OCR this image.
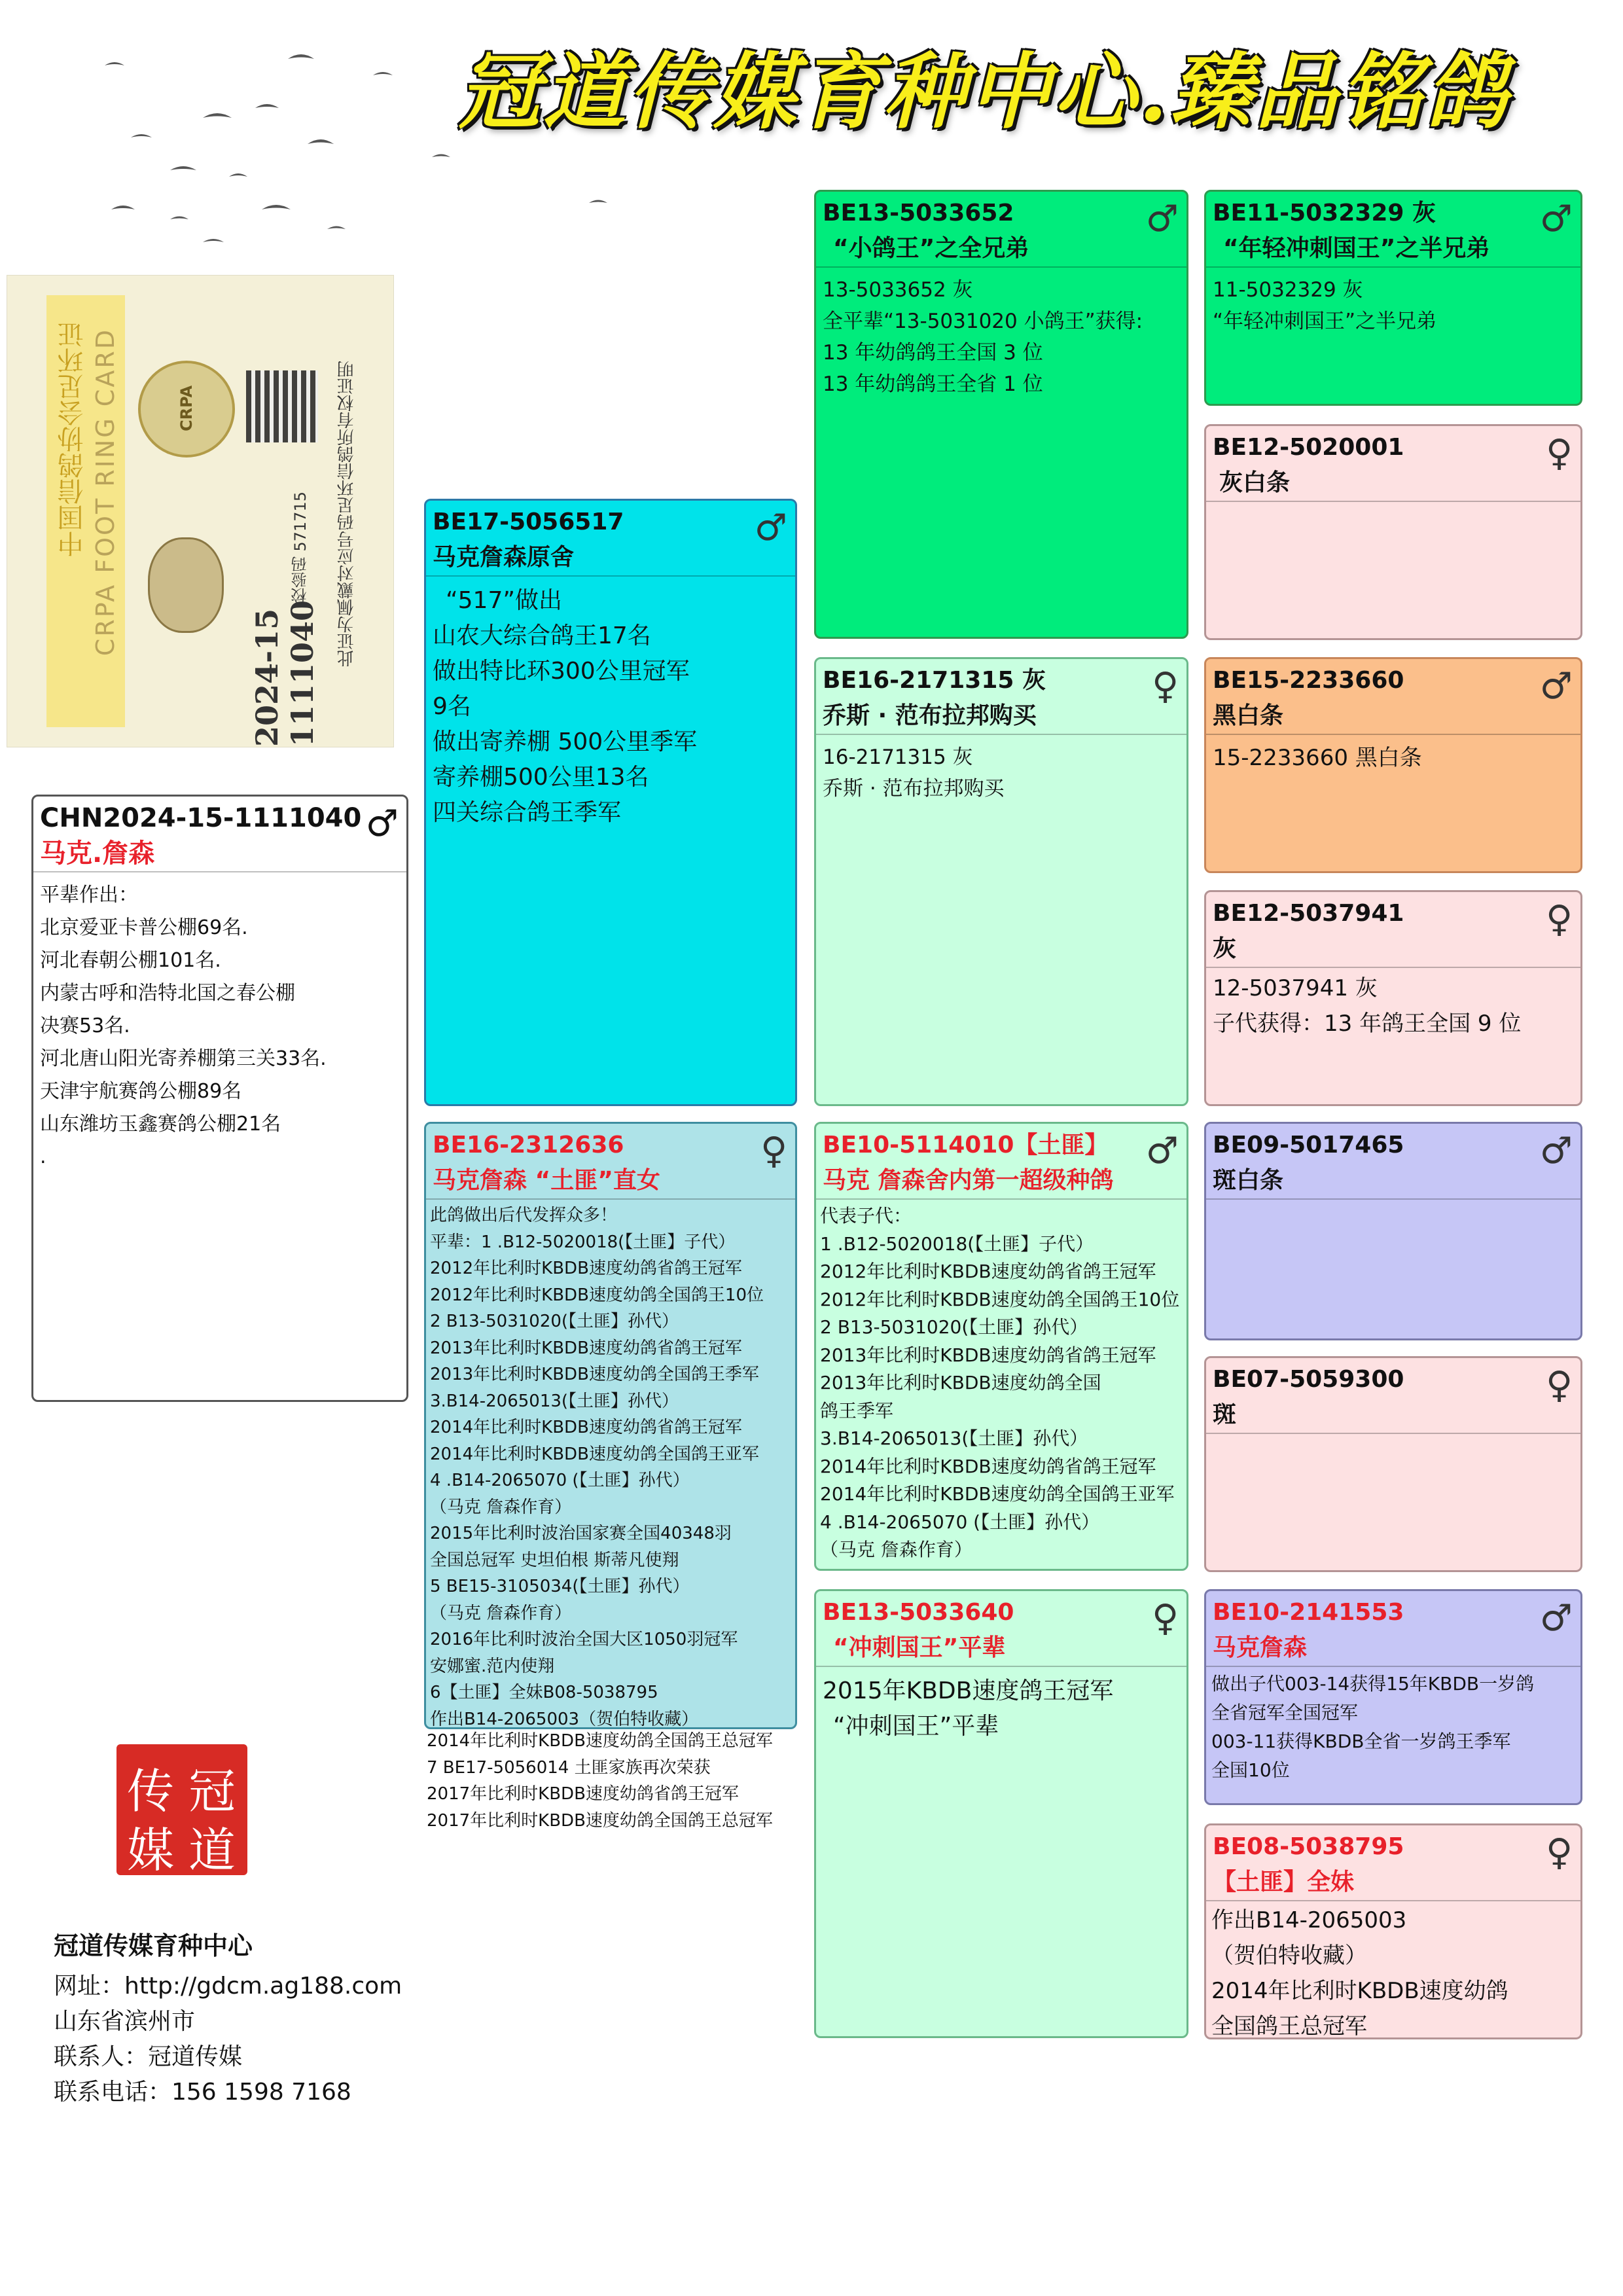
冠道传媒育种中心.臻品铭鸽
中国信鸽协会足环证 CRPA FOOT RING CARD	CRPA
2024-15 1111040
校验码 571715	此证为佩戴对应号码足环信鸽所有权证明
CHN2024-15-1111040
马克.詹森
♂
平辈作出：
北京爱亚卡普公棚69名.
河北春朝公棚101名.
内蒙古呼和浩特北国之春公棚
决赛53名.
河北唐山阳光寄养棚第三关33名.
天津宇航赛鸽公棚89名
山东潍坊玉鑫赛鸽公棚21名
.
BE17-5056517
马克詹森原舍
♂
“517”做出
山农大综合鸽王17名
做出特比环300公里冠军
9名
做出寄养棚 500公里季军
寄养棚500公里13名
四关综合鸽王季军
BE16-2312636
马克詹森 “土匪”直女
♀
此鸽做出后代发挥众多！
平辈：1 .B12-5020018(【土匪】子代）
2012年比利时KBDB速度幼鸽省鸽王冠军
2012年比利时KBDB速度幼鸽全国鸽王10位
2 B13-5031020(【土匪】孙代）
2013年比利时KBDB速度幼鸽省鸽王冠军
2013年比利时KBDB速度幼鸽全国鸽王季军
3.B14-2065013(【土匪】孙代）
2014年比利时KBDB速度幼鸽省鸽王冠军
2014年比利时KBDB速度幼鸽全国鸽王亚军
4 .B14-2065070 (【土匪】孙代）
（马克 詹森作育）
2015年比利时波治国家赛全国40348羽
全国总冠军 史坦伯根 斯蒂凡使翔
5 BE15-3105034(【土匪】孙代）
（马克 詹森作育）
2016年比利时波治全国大区1050羽冠军
安娜蜜.范内使翔
6【土匪】全妹B08-5038795
作出B14-2065003（贺伯特收藏）
2014年比利时KBDB速度幼鸽全国鸽王总冠军
7 BE17-5056014 土匪家族再次荣获
2017年比利时KBDB速度幼鸽省鸽王冠军
2017年比利时KBDB速度幼鸽全国鸽王总冠军
BE13-5033652
“小鸽王”之全兄弟
♂
13-5033652 灰
全平辈“13-5031020 小鸽王”获得:
13 年幼鸽鸽王全国 3 位
13 年幼鸽鸽王全省 1 位
BE16-2171315 灰
乔斯 · 范布拉邦购买
♀
16-2171315 灰
乔斯 · 范布拉邦购买
BE10-5114010【土匪】
马克 詹森舍内第一超级种鸽
♂
代表子代：
1 .B12-5020018(【土匪】子代）
2012年比利时KBDB速度幼鸽省鸽王冠军
2012年比利时KBDB速度幼鸽全国鸽王10位
2 B13-5031020(【土匪】孙代）
2013年比利时KBDB速度幼鸽省鸽王冠军
2013年比利时KBDB速度幼鸽全国
鸽王季军
3.B14-2065013(【土匪】孙代）
2014年比利时KBDB速度幼鸽省鸽王冠军
2014年比利时KBDB速度幼鸽全国鸽王亚军
4 .B14-2065070 (【土匪】孙代）
（马克 詹森作育）
BE13-5033640
“冲刺国王”平辈
♀
2015年KBDB速度鸽王冠军
“冲刺国王”平辈
BE11-5032329 灰
“年轻冲刺国王”之半兄弟
♂
11-5032329 灰
“年轻冲刺国王”之半兄弟
BE12-5020001
灰白条
♀
BE15-2233660
黑白条
♂
15-2233660 黑白条
BE12-5037941
灰
♀
12-5037941 灰
子代获得：13 年鸽王全国 9 位
BE09-5017465
斑白条
♂
BE07-5059300
斑
♀
BE10-2141553
马克詹森
♂
做出子代003-14获得15年KBDB一岁鸽
全省冠军全国冠军
003-11获得KBDB全省一岁鸽王季军
全国10位
BE08-5038795
【土匪】全妹
♀
作出B14-2065003
（贺伯特收藏）
2014年比利时KBDB速度幼鸽
全国鸽王总冠军
冠
道
传
媒
冠道传媒育种中心
网址：http://gdcm.ag188.com
山东省滨州市
联系人：冠道传媒
联系电话：156 1598 7168
